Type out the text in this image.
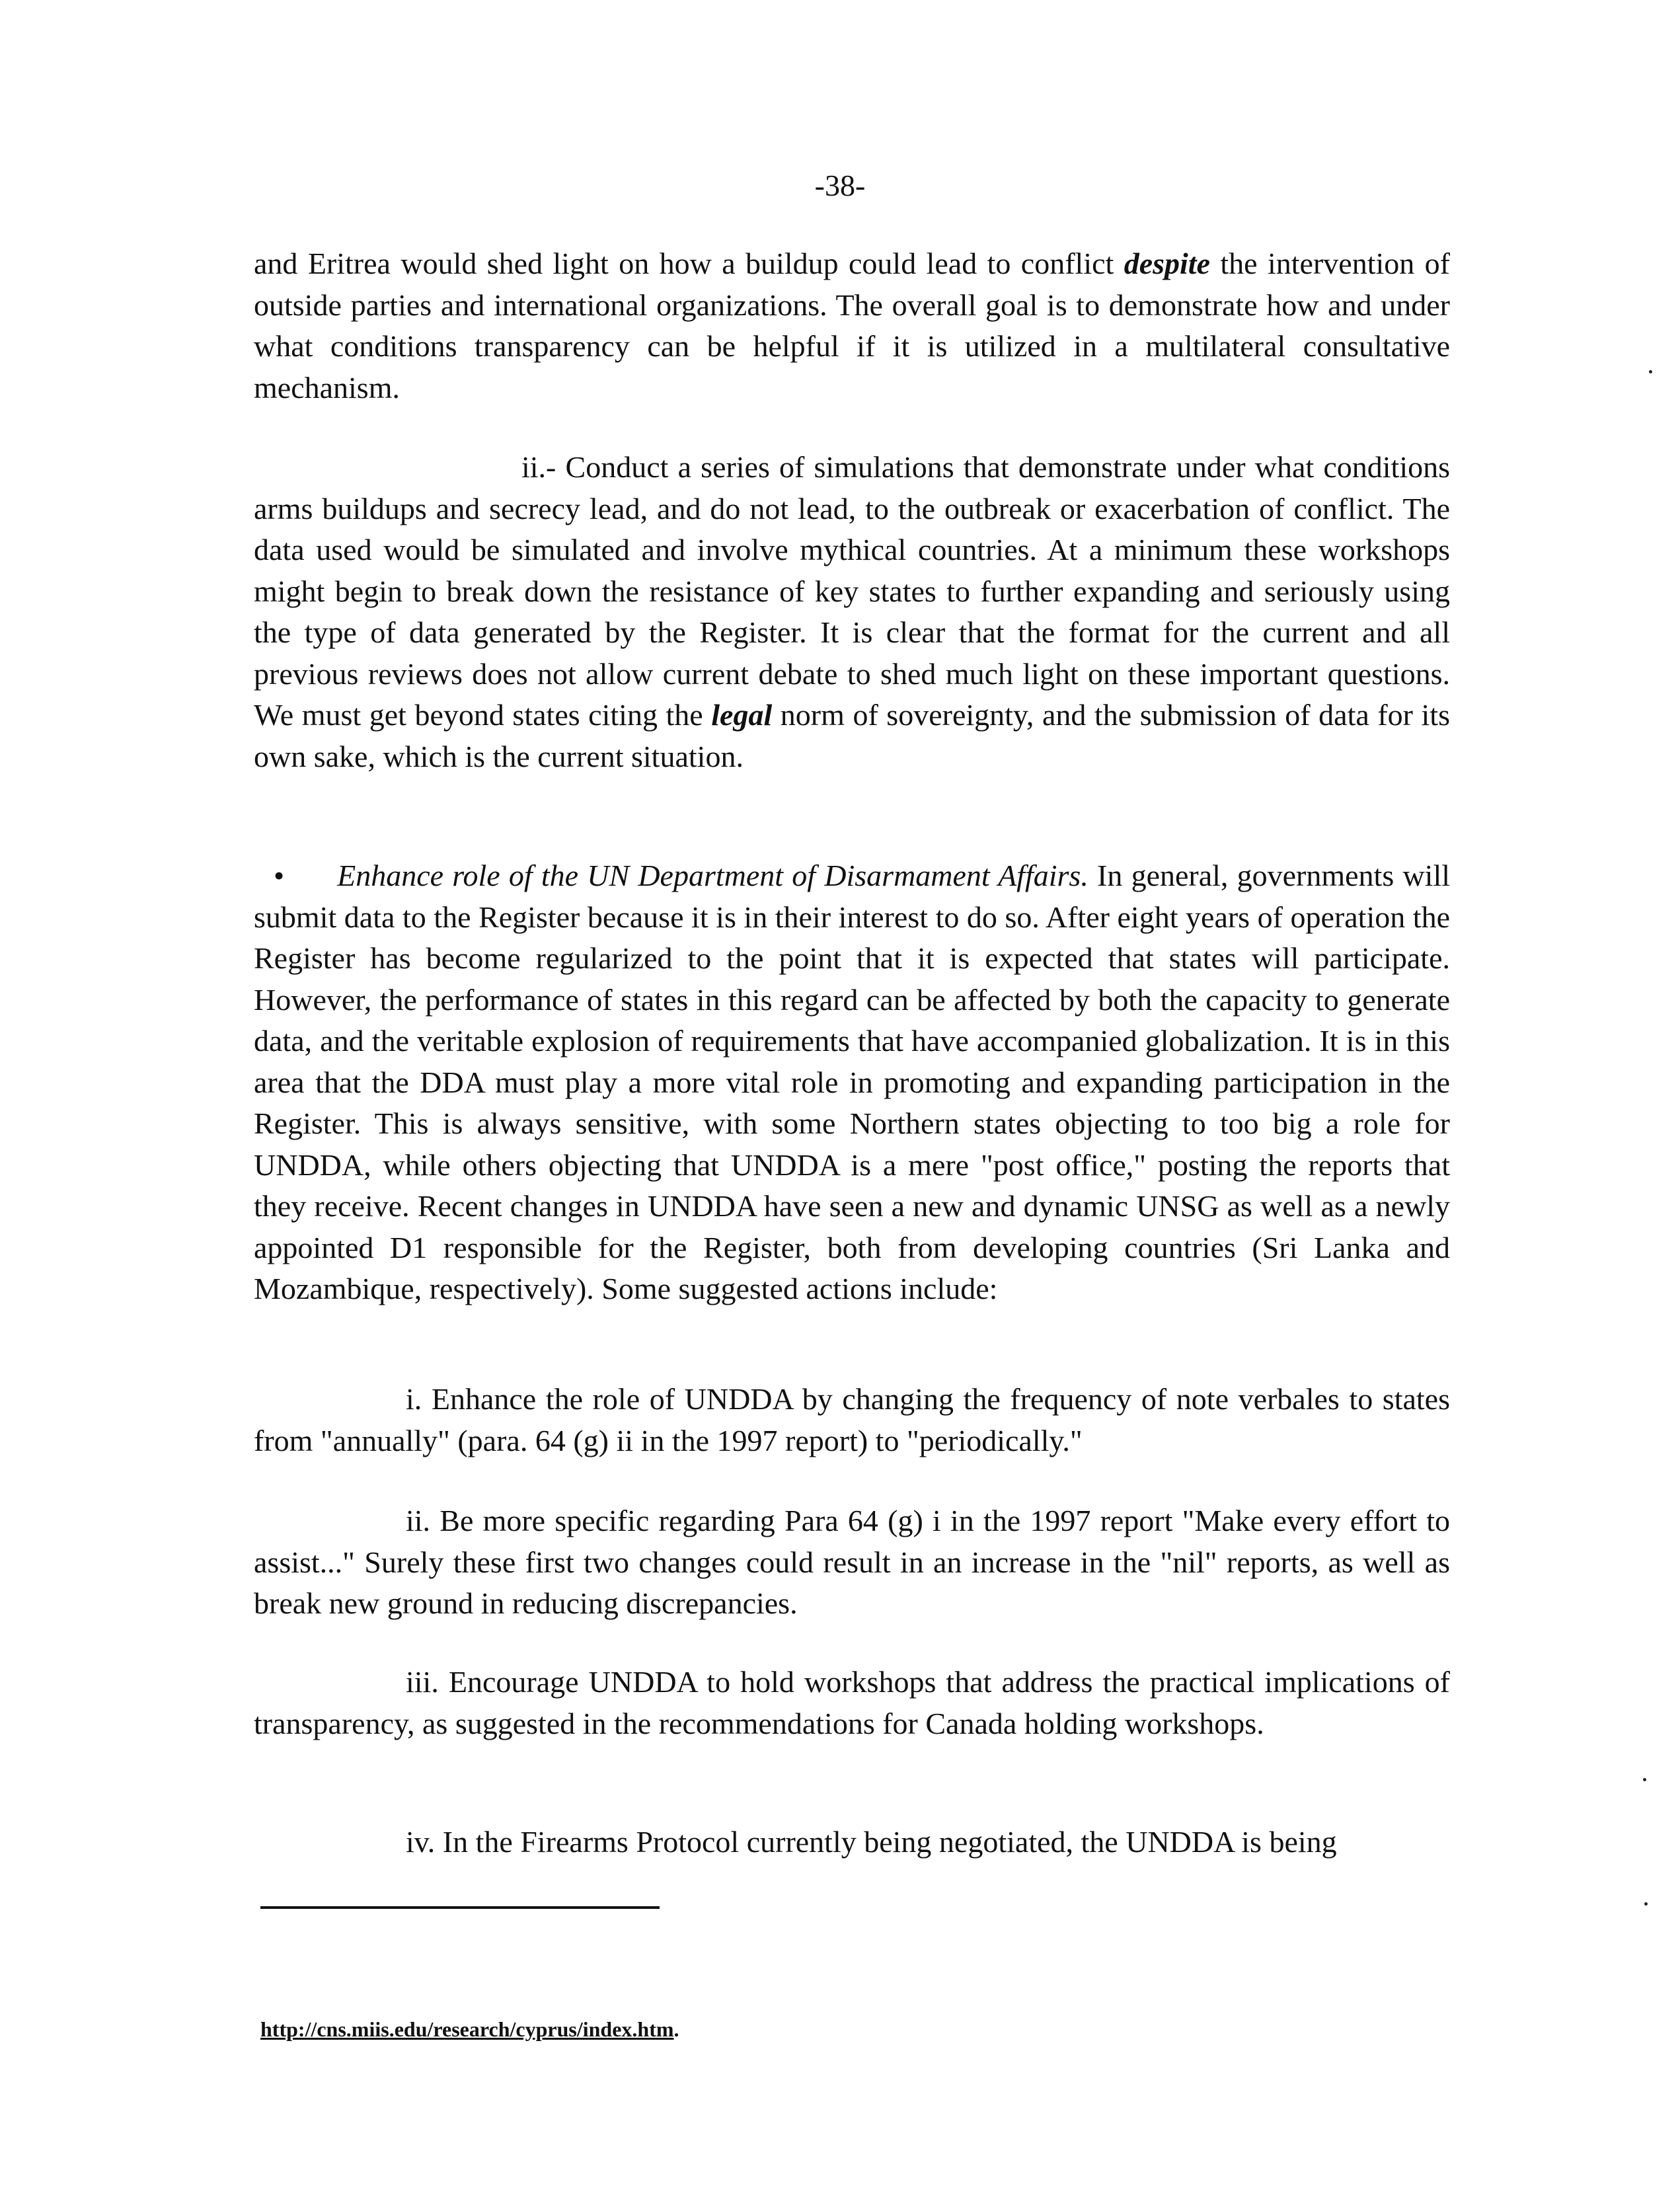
-38-

and Eritrea would shed light on how a buildup could lead to conflict despite the intervention of outside parties and international organizations. The overall goal is to demonstrate how and under what conditions transparency can be helpful if it is utilized in a multilateral consultative mechanism.

ii.- Conduct a series of simulations that demonstrate under what conditions arms buildups and secrecy lead, and do not lead, to the outbreak or exacerbation of conflict. The data used would be simulated and involve mythical countries. At a minimum these workshops might begin to break down the resistance of key states to further expanding and seriously using the type of data generated by the Register. It is clear that the format for the current and all previous reviews does not allow current debate to shed much light on these important questions. We must get beyond states citing the legal norm of sovereignty, and the submission of data for its own sake, which is the current situation.

• Enhance role of the UN Department of Disarmament Affairs. In general, governments will submit data to the Register because it is in their interest to do so. After eight years of operation the Register has become regularized to the point that it is expected that states will participate. However, the performance of states in this regard can be affected by both the capacity to generate data, and the veritable explosion of requirements that have accompanied globalization. It is in this area that the DDA must play a more vital role in promoting and expanding participation in the Register. This is always sensitive, with some Northern states objecting to too big a role for UNDDA, while others objecting that UNDDA is a mere "post office," posting the reports that they receive. Recent changes in UNDDA have seen a new and dynamic UNSG as well as a newly appointed D1 responsible for the Register, both from developing countries (Sri Lanka and Mozambique, respectively). Some suggested actions include:

i. Enhance the role of UNDDA by changing the frequency of note verbales to states from "annually" (para. 64 (g) ii in the 1997 report) to "periodically."

ii. Be more specific regarding Para 64 (g) i in the 1997 report "Make every effort to assist..." Surely these first two changes could result in an increase in the "nil" reports, as well as break new ground in reducing discrepancies.

iii. Encourage UNDDA to hold workshops that address the practical implications of transparency, as suggested in the recommendations for Canada holding workshops.

iv. In the Firearms Protocol currently being negotiated, the UNDDA is being

http://cns.miis.edu/research/cyprus/index.htm.
